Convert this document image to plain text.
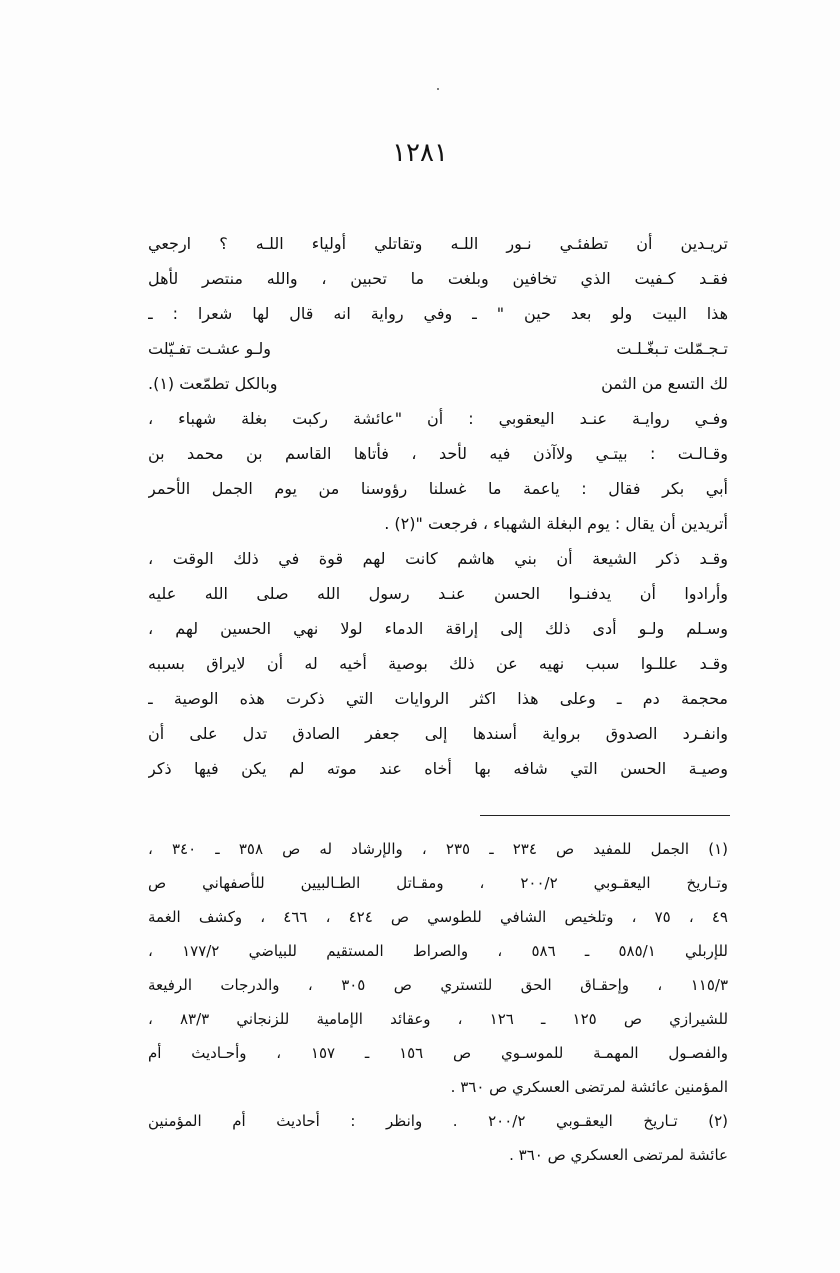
١٢٨١
تريـدين أن تطفئـي نـور اللـه وتقاتلي أولياء اللـه ؟ ارجعي
فقـد كـفيت الذي تخافين وبلغت ما تحبين ، والله منتصر لأهل
هذا البيت ولو بعد حين " ـ وفي رواية انه قال لها شعرا : ـ
تـجـمّلت تـبغّـلـت
ولـو عشـت تفـيّلت
لك التسع من الثمن
وبالكل تطمّعت (١).
وفـي روايـة عنـد اليعقوبي : أن "عائشة ركبت بغلة شهباء ،
وقـالـت : بيتـي ولاآذن فيه لأحد ، فأتاها القاسم بن محمد بن
أبي بكر فقال : ياعمة ما غسلنا رؤوسنا من يوم الجمل الأحمر
أتريدين أن يقال : يوم البغلة الشهباء ، فرجعت "(٢) .
وقـد ذكر الشيعة أن بني هاشم كانت لهم قوة في ذلك الوقت ،
وأرادوا أن يدفنـوا الحسن عنـد رسول الله صلى الله عليه
وسـلم ولـو أدى ذلك إلى إراقة الدماء لولا نهي الحسين لهم ،
وقـد عللـوا سبب نهيه عن ذلك بوصية أخيه له أن لايراق بسببه
محجمة دم ـ وعلى هذا اكثر الروايات التي ذكرت هذه الوصية ـ
وانفـرد الصدوق برواية أسندها إلى جعفر الصادق تدل على أن
وصيـة الحسن التي شافه بها أخاه عند موته لم يكن فيها ذكر
(١) الجمل للمفيد ص ٢٣٤ ـ ٢٣٥ ، والإرشاد له ص ٣٥٨ ـ ٣٤٠ ،
وتـاريخ اليعقـوبي ٢٠٠/٢ ، ومقـاتل الطـالبيين للأصفهاني ص
٤٩ ، ٧٥ ، وتلخيص الشافي للطوسي ص ٤٢٤ ، ٤٦٦ ، وكشف الغمة
للإربلي ٥٨٥/١ ـ ٥٨٦ ، والصراط المستقيم للبياضي ١٧٧/٢ ،
١١٥/٣ ، وإحقـاق الحق للتستري ص ٣٠٥ ، والدرجات الرفيعة
للشيرازي ص ١٢٥ ـ ١٢٦ ، وعقائد الإمامية للزنجاني ٨٣/٣ ،
والفصـول المهمـة للموسـوي ص ١٥٦ ـ ١٥٧ ، وأحـاديث أم
المؤمنين عائشة لمرتضى العسكري ص ٣٦٠ .
(٢) تـاريخ اليعقـوبي ٢٠٠/٢ . وانظر : أحاديث أم المؤمنين
عائشة لمرتضى العسكري ص ٣٦٠ .
